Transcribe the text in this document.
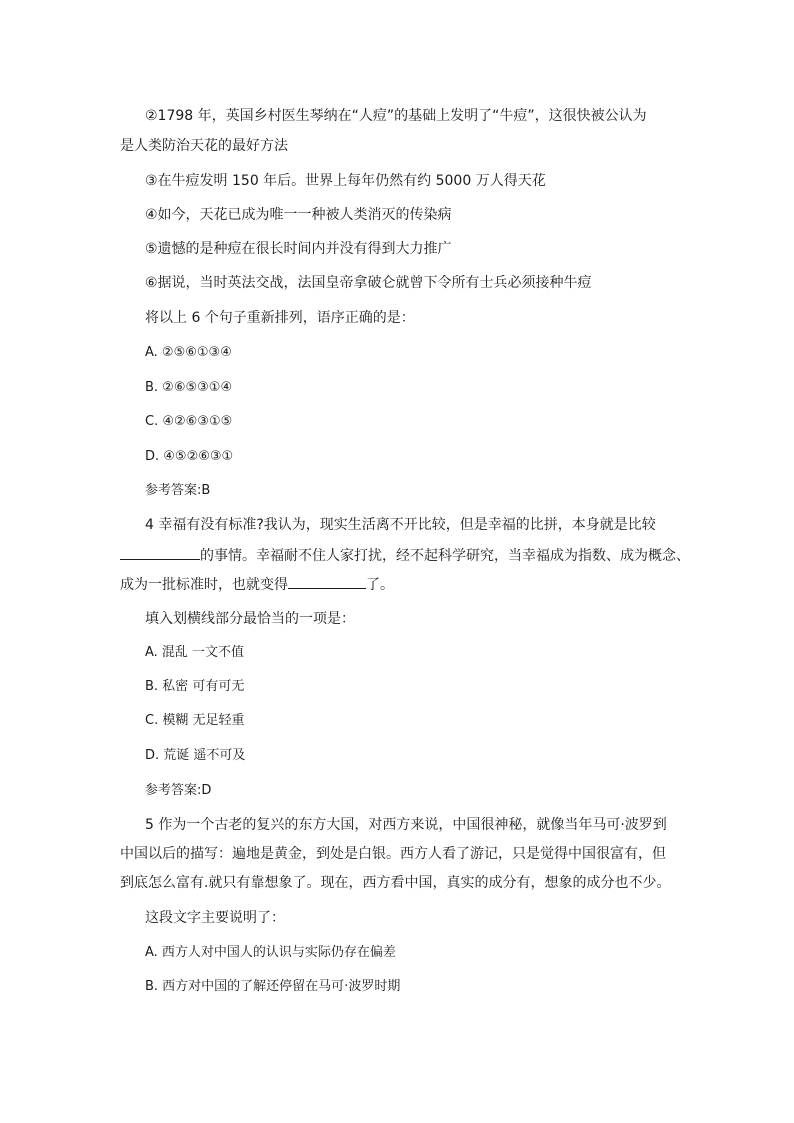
②1798 年，英国乡村医生琴纳在“人痘”的基础上发明了“牛痘”，这很快被公认为
是人类防治天花的最好方法
③在牛痘发明 150 年后。世界上每年仍然有约 5000 万人得天花
④如今，天花已成为唯一一种被人类消灭的传染病
⑤遗憾的是种痘在很长时间内并没有得到大力推广
⑥据说，当时英法交战，法国皇帝拿破仑就曾下令所有士兵必须接种牛痘
将以上 6 个句子重新排列，语序正确的是：
A. ②⑤⑥①③④
B. ②⑥⑤③①④
C. ④②⑥③①⑤
D. ④⑤②⑥③①
参考答案:B
4 幸福有没有标准?我认为，现实生活离不开比较，但是幸福的比拼，本身就是比较
的事情。幸福耐不住人家打扰，经不起科学研究，当幸福成为指数、成为概念、
成为一批标准时，也就变得	了。
填入划横线部分最恰当的一项是：
A. 混乱 一文不值
B. 私密 可有可无
C. 模糊 无足轻重
D. 荒诞 遥不可及
参考答案:D
5 作为一个古老的复兴的东方大国，对西方来说，中国很神秘，就像当年马可·波罗到
中国以后的描写：遍地是黄金，到处是白银。西方人看了游记，只是觉得中国很富有，但
到底怎么富有.就只有靠想象了。现在，西方看中国，真实的成分有，想象的成分也不少。
这段文字主要说明了：
A. 西方人对中国人的认识与实际仍存在偏差
B. 西方对中国的了解还停留在马可·波罗时期
